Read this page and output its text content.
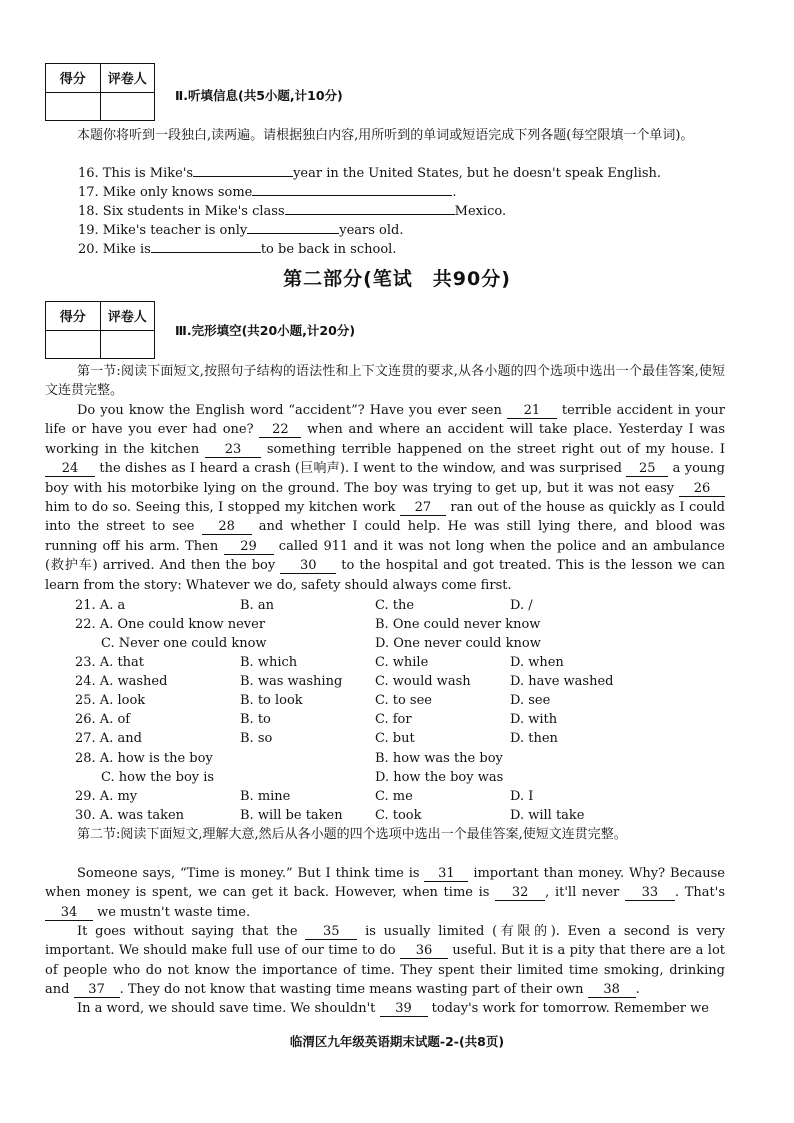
得分	评卷人

Ⅱ.听填信息(共5小题,计10分)
本题你将听到一段独白,读两遍。请根据独白内容,用所听到的单词或短语完成下列各题(每空限填一个单词)。
16. This is Mike's	year in the United States, but he doesn't speak English.
17. Mike only knows some	.
18. Six students in Mike's class	Mexico.
19. Mike's teacher is only	years old.
20. Mike is	to be back in school.
第二部分(笔试　共90分)
得分	评卷人

Ⅲ.完形填空(共20小题,计20分)
第一节:阅读下面短文,按照句子结构的语法性和上下文连贯的要求,从各小题的四个选项中选出一个最佳答案,使短文连贯完整。
Do you know the English word “accident”? Have you ever seen 21 terrible accident in your life or have you ever had one? 22 when and where an accident will take place. Yesterday I was working in the kitchen 23 something terrible happened on the street right out of my house. I 24 the dishes as I heard a crash (巨响声). I went to the window, and was surprised 25 a young boy with his motorbike lying on the ground. The boy was trying to get up, but it was not easy 26 him to do so. Seeing this, I stopped my kitchen work 27 ran out of the house as quickly as I could into the street to see 28 and whether I could help. He was still lying there, and blood was running off his arm. Then 29 called 911 and it was not long when the police and an ambulance (救护车) arrived. And then the boy 30 to the hospital and got treated. This is the lesson we can learn from the story: Whatever we do, safety should always come first.
21. A. a	B. an	C. the	D. /
22. A. One could know never	B. One could never know
C. Never one could know	D. One never could know
23. A. that	B. which	C. while	D. when
24. A. washed	B. was washing	C. would wash	D. have washed
25. A. look	B. to look	C. to see	D. see
26. A. of	B. to	C. for	D. with
27. A. and	B. so	C. but	D. then
28. A. how is the boy	B. how was the boy
C. how the boy is	D. how the boy was
29. A. my	B. mine	C. me	D. I
30. A. was taken	B. will be taken C. took	D. will take
第二节:阅读下面短文,理解大意,然后从各小题的四个选项中选出一个最佳答案,使短文连贯完整。
Someone says, “Time is money.” But I think time is 31 important than money. Why? Because when money is spent, we can get it back. However, when time is 32 , it'll never 33 . That's 34 we mustn't waste time.
It goes without saying that the 35 is usually limited (有限的). Even a second is very important. We should make full use of our time to do 36 useful. But it is a pity that there are a lot of people who do not know the importance of time. They spent their limited time smoking, drinking and 37 . They do not know that wasting time means wasting part of their own 38 .
In a word, we should save time. We shouldn't 39 today's work for tomorrow. Remember we
临渭区九年级英语期末试题-2-(共8页)
